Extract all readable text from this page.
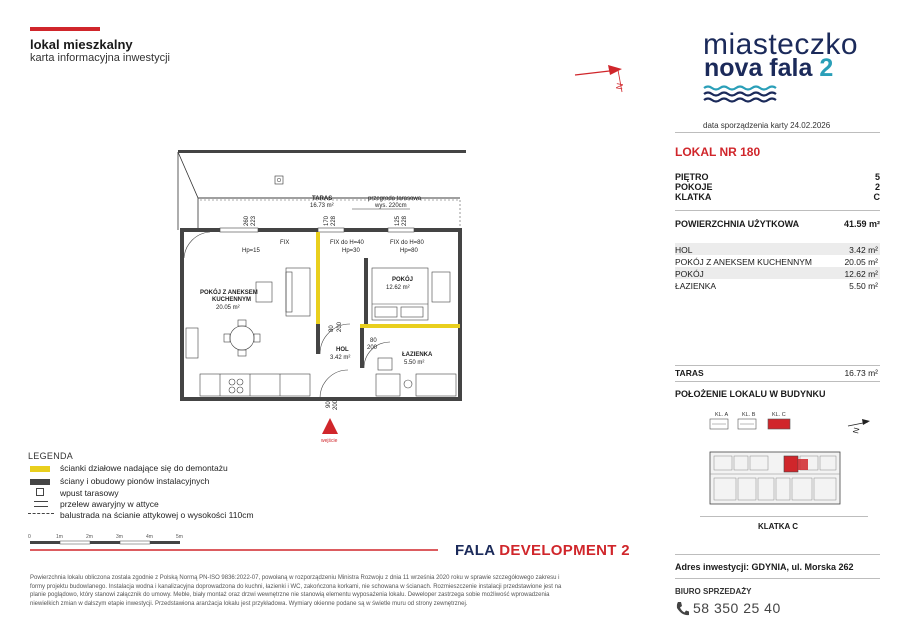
lokal mieszkalny
karta informacyjna inwestycji
N
miasteczko
nova fala 2
data sporządzenia karty 24.02.2026
LOKAL NR 180
PIĘTRO	5
POKOJE	2
KLATKA	C
POWIERZCHNIA UŻYTKOWA	41.59 m²
HOL	3.42 m²
POKÓJ Z ANEKSEM KUCHENNYM	20.05 m²
POKÓJ	12.62 m²
ŁAZIENKA	5.50 m²
TARAS	16.73 m²
POŁOŻENIE LOKALU W BUDYNKU
KL. A	KL. B	KL. C
N
KLATKA C
TARAS
16.73 m²
przegroda tarasowa
wys. 220cm
260 223	170 228	125 228
Hp=15
FIX	FIX do H=40
Hp=30
FIX do H=80
Hp=80
POKÓJ Z ANEKSEM
KUCHENNYM
20.05 m²
POKÓJ
12.62 m²
HOL
3.42 m²	ŁAZIENKA
5.50 m²
80 200
80
200
90 200
wejście
LEGENDA
ścianki działowe nadające się do demontażu
ściany i obudowy pionów instalacyjnych
wpust tarasowy
przelew awaryjny w attyce
balustrada na ścianie attykowej o wysokości 110cm
0	1m	2m	3m	4m	5m
FALA DEVELOPMENT 2
Powierzchnia lokalu obliczona zostala zgodnie z Polską Normą PN-ISO 9836:2022-07, powołaną w rozporządzeniu Ministra Rozwoju z dnia 11 września 2020 roku w sprawie szczegółowego zakresu i formy projektu budowlanego. Instalacja wodna i kanalizacyjna doprowadzona do kuchni, łazienki i WC, zakończona korkami, nie schowana w ścianach. Rozmieszczenie instalacji przedstawione jest na planie poglądowo, który stanowi załącznik do umowy. Meble, biały montaż oraz drzwi wewnętrzne nie stanowią elementu wyposażenia lokalu. Deweloper zastrzega sobie możliwość wprowadzenia niewielkich zmian w dalszym etapie inwestycji. Przedstawiona aranżacja lokalu jest przykładowa. Wymiary okienne podane są w świetle muru od strony zewnętrznej.
Adres inwestycji: GDYNIA, ul. Morska 262
BIURO SPRZEDAŻY
58 350 25 40
